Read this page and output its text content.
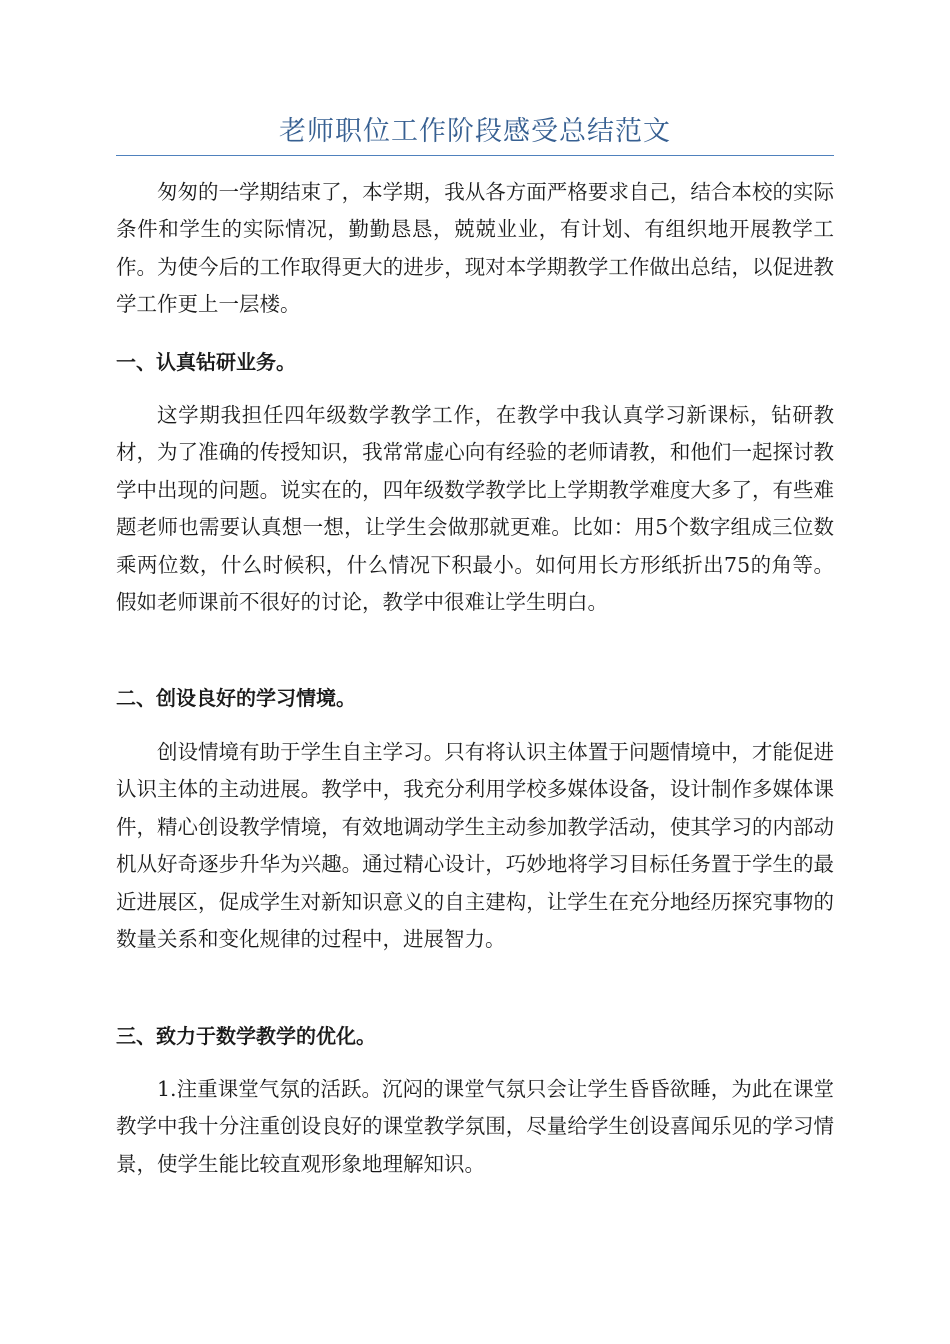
老师职位工作阶段感受总结范文

匆匆的一学期结束了，本学期，我从各方面严格要求自己，结合本校的实际条件和学生的实际情况，勤勤恳恳，兢兢业业，有计划、有组织地开展教学工作。为使今后的工作取得更大的进步，现对本学期教学工作做出总结，以促进教学工作更上一层楼。

一、认真钻研业务。

这学期我担任四年级数学教学工作，在教学中我认真学习新课标，钻研教材，为了准确的传授知识，我常常虚心向有经验的老师请教，和他们一起探讨教学中出现的问题。说实在的，四年级数学教学比上学期教学难度大多了，有些难题老师也需要认真想一想，让学生会做那就更难。比如：用5个数字组成三位数乘两位数，什么时候积，什么情况下积最小。如何用长方形纸折出75的角等。假如老师课前不很好的讨论，教学中很难让学生明白。

二、创设良好的学习情境。

创设情境有助于学生自主学习。只有将认识主体置于问题情境中，才能促进认识主体的主动进展。教学中，我充分利用学校多媒体设备，设计制作多媒体课件，精心创设教学情境，有效地调动学生主动参加教学活动，使其学习的内部动机从好奇逐步升华为兴趣。通过精心设计，巧妙地将学习目标任务置于学生的最近进展区，促成学生对新知识意义的自主建构，让学生在充分地经历探究事物的数量关系和变化规律的过程中，进展智力。

三、致力于数学教学的优化。

1.注重课堂气氛的活跃。沉闷的课堂气氛只会让学生昏昏欲睡，为此在课堂教学中我十分注重创设良好的课堂教学氛围，尽量给学生创设喜闻乐见的学习情景，使学生能比较直观形象地理解知识。
